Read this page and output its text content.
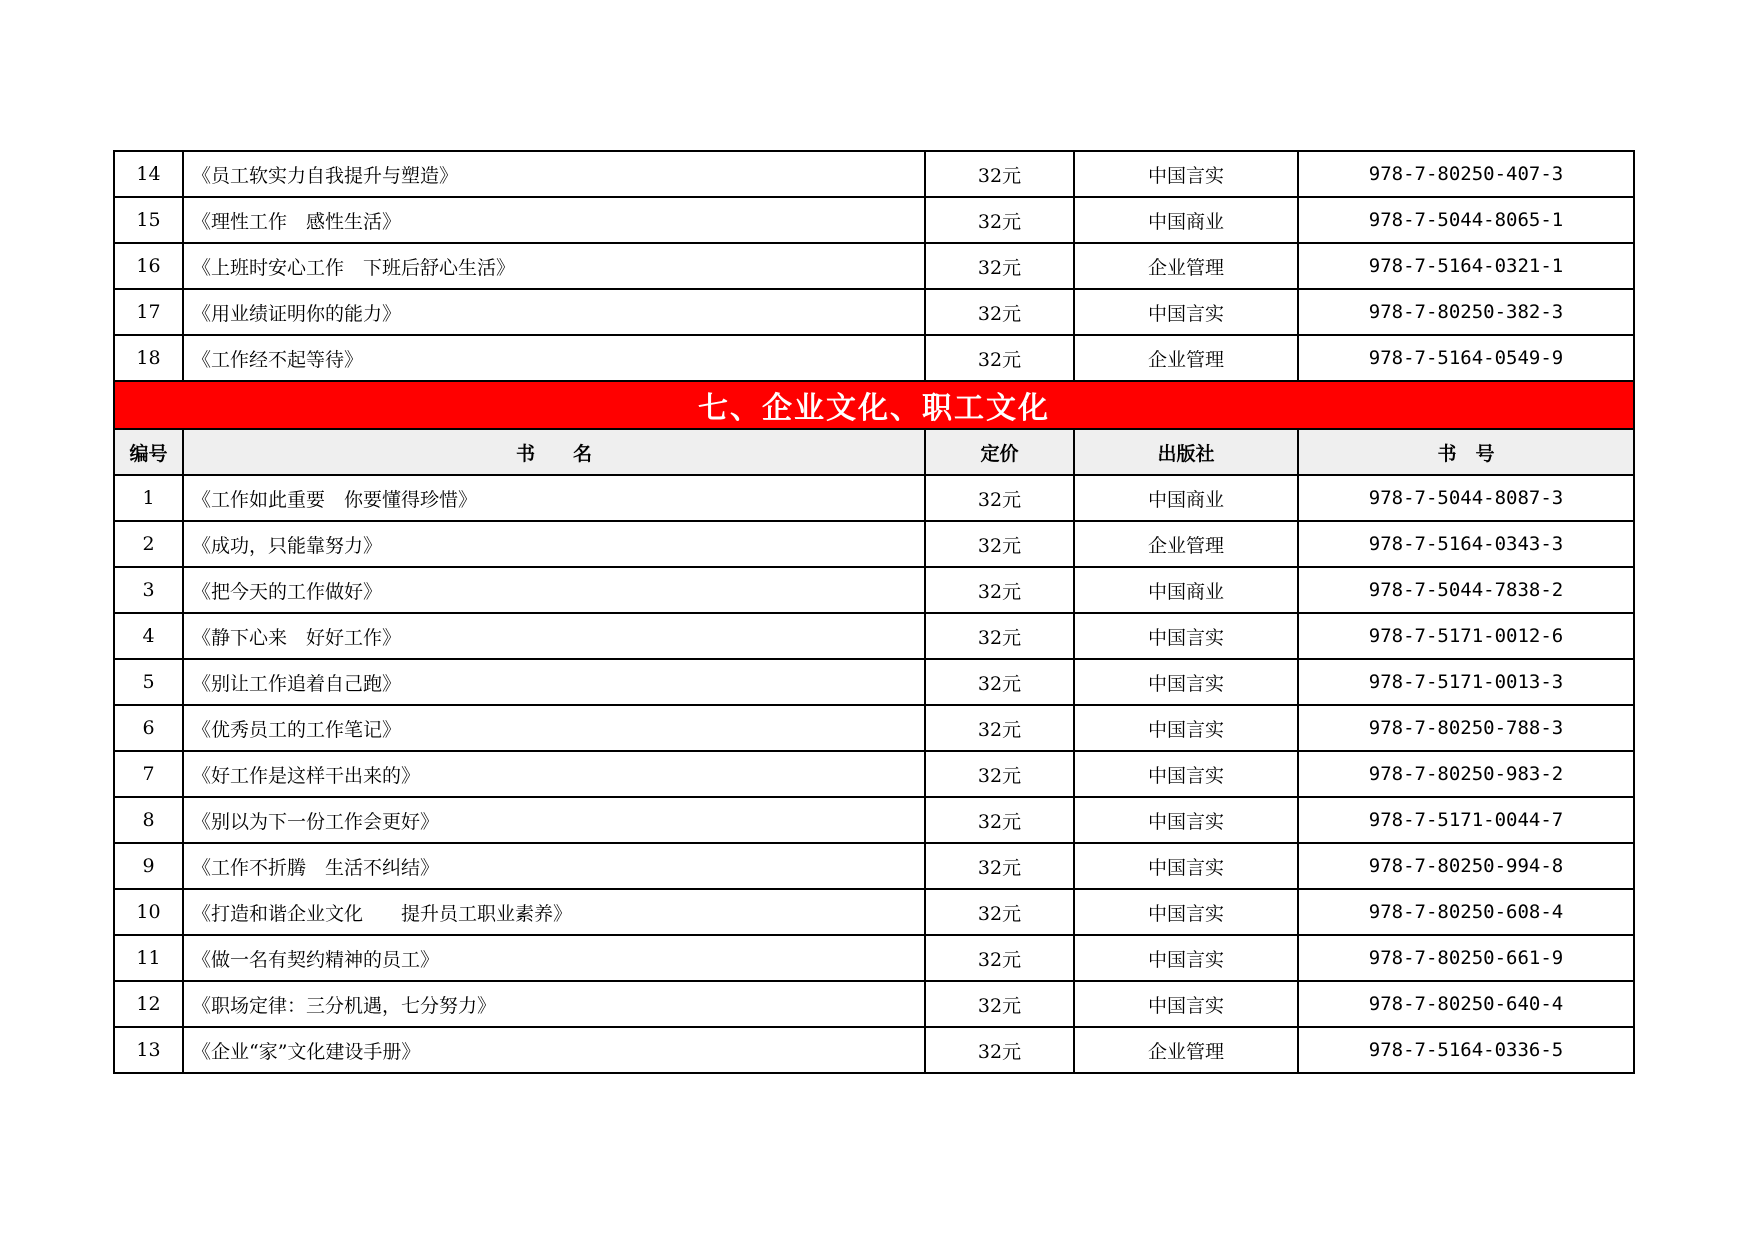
14	《员工软实力自我提升与塑造》	32元	中国言实	978-7-80250-407-3
15	《理性工作　感性生活》	32元	中国商业	978-7-5044-8065-1
16	《上班时安心工作　下班后舒心生活》	32元	企业管理	978-7-5164-0321-1
17	《用业绩证明你的能力》	32元	中国言实	978-7-80250-382-3
18	《工作经不起等待》	32元	企业管理	978-7-5164-0549-9
七、企业文化、职工文化				
编号	书　　名	定价	出版社	书　号
1	《工作如此重要　你要懂得珍惜》	32元	中国商业	978-7-5044-8087-3
2	《成功，只能靠努力》	32元	企业管理	978-7-5164-0343-3
3	《把今天的工作做好》	32元	中国商业	978-7-5044-7838-2
4	《静下心来　好好工作》	32元	中国言实	978-7-5171-0012-6
5	《别让工作追着自己跑》	32元	中国言实	978-7-5171-0013-3
6	《优秀员工的工作笔记》	32元	中国言实	978-7-80250-788-3
7	《好工作是这样干出来的》	32元	中国言实	978-7-80250-983-2
8	《别以为下一份工作会更好》	32元	中国言实	978-7-5171-0044-7
9	《工作不折腾　生活不纠结》	32元	中国言实	978-7-80250-994-8
10	《打造和谐企业文化　　提升员工职业素养》	32元	中国言实	978-7-80250-608-4
11	《做一名有契约精神的员工》	32元	中国言实	978-7-80250-661-9
12	《职场定律：三分机遇，七分努力》	32元	中国言实	978-7-80250-640-4
13	《企业“家”文化建设手册》	32元	企业管理	978-7-5164-0336-5
